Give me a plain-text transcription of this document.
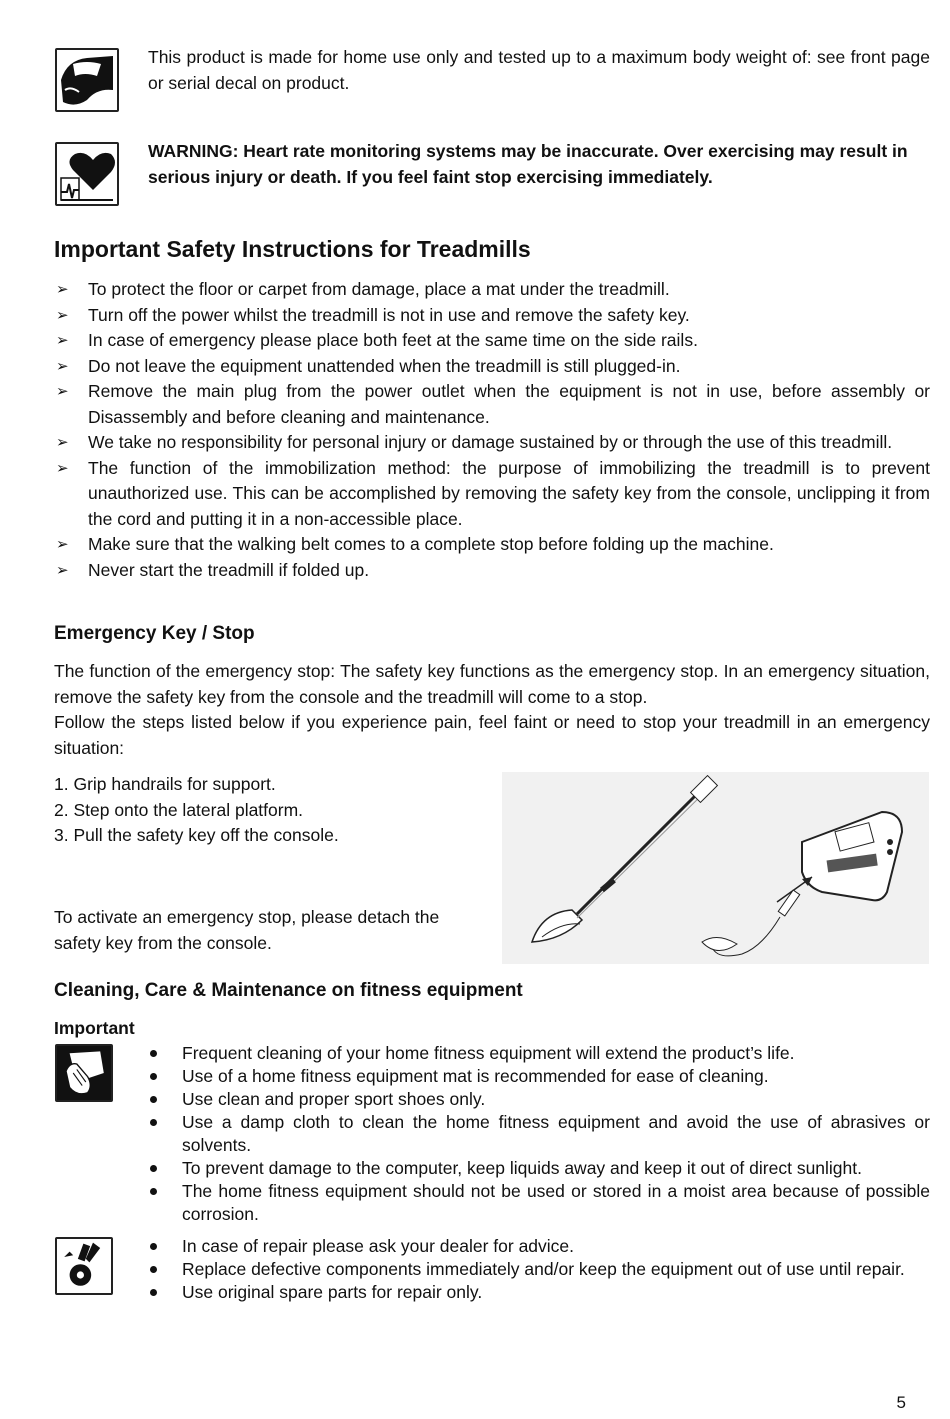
This product is made for home use only and tested up to a maximum body weight of: see front page or serial decal on product.
WARNING: Heart rate monitoring systems may be inaccurate. Over exercising may result in serious injury or death. If you feel faint stop exercising immediately.
Important Safety Instructions for Treadmills
➢ To protect the floor or carpet from damage, place a mat under the treadmill.
➢ Turn off the power whilst the treadmill is not in use and remove the safety key.
➢ In case of emergency please place both feet at the same time on the side rails.
➢ Do not leave the equipment unattended when the treadmill is still plugged-in.
➢ Remove the main plug from the power outlet when the equipment is not in use, before assembly or Disassembly and before cleaning and maintenance.
➢ We take no responsibility for personal injury or damage sustained by or through the use of this treadmill.
➢ The function of the immobilization method: the purpose of immobilizing the treadmill is to prevent unauthorized use. This can be accomplished by removing the safety key from the console, unclipping it from the cord and putting it in a non-accessible place.
➢ Make sure that the walking belt comes to a complete stop before folding up the machine.
➢ Never start the treadmill if folded up.
Emergency Key / Stop

The function of the emergency stop: The safety key functions as the emergency stop. In an emergency situation, remove the safety key from the console and the treadmill will come to a stop.

Follow the steps listed below if you experience pain, feel faint or need to stop your treadmill in an emergency situation:

1. Grip handrails for support.
2. Step onto the lateral platform.
3. Pull the safety key off the console.
To activate an emergency stop, please detach the safety key from the console.
Cleaning, Care & Maintenance on fitness equipment
Important
Frequent cleaning of your home fitness equipment will extend the product’s life.
Use of a home fitness equipment mat is recommended for ease of cleaning.
Use clean and proper sport shoes only.
Use a damp cloth to clean the home fitness equipment and avoid the use of abrasives or solvents.
To prevent damage to the computer, keep liquids away and keep it out of direct sunlight.
The home fitness equipment should not be used or stored in a moist area because of possible corrosion.
In case of repair please ask your dealer for advice.
Replace defective components immediately and/or keep the equipment out of use until repair.
Use original spare parts for repair only.
5
